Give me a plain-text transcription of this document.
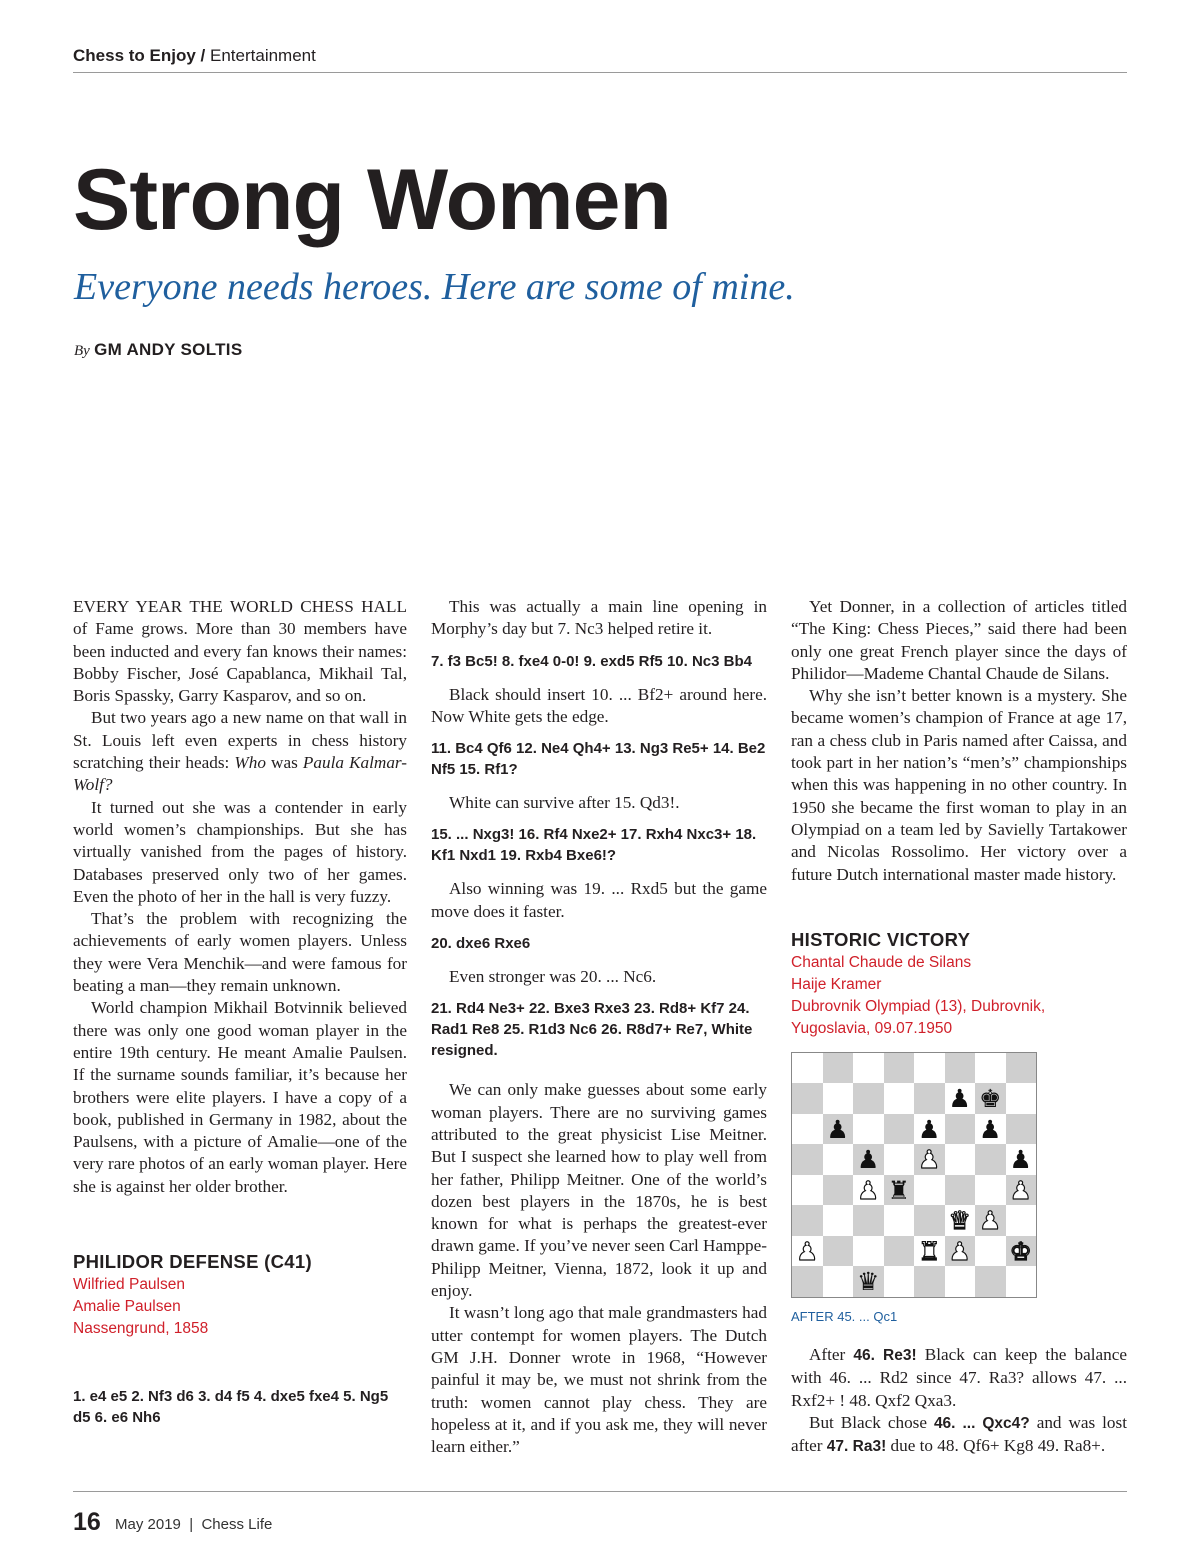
Chess to Enjoy / Entertainment
Strong Women

Everyone needs heroes. Here are some of mine.

By GM ANDY SOLTIS

EVERY YEAR THE WORLD CHESS HALL of Fame grows. More than 30 members have been inducted and every fan knows their names: Bobby Fischer, José Capablanca, Mikhail Tal, Boris Spassky, Garry Kasparov, and so on.

But two years ago a new name on that wall in St. Louis left even experts in chess history scratching their heads: Who was Paula Kalmar-Wolf?

It turned out she was a contender in early world women’s championships. But she has virtually vanished from the pages of history. Databases preserved only two of her games. Even the photo of her in the hall is very fuzzy.

That’s the problem with recognizing the achievements of early women players. Unless they were Vera Menchik—and were famous for beating a man—they remain unknown.

World champion Mikhail Botvinnik believed there was only one good woman player in the entire 19th century. He meant Amalie Paulsen. If the surname sounds familiar, it’s because her brothers were elite players. I have a copy of a book, published in Germany in 1982, about the Paulsens, with a picture of Amalie—one of the very rare photos of an early woman player. Here she is against her older brother.

PHILIDOR DEFENSE (C41)
Wilfried Paulsen
Amalie Paulsen
Nassengrund, 1858
1. e4 e5 2. Nf3 d6 3. d4 f5 4. dxe5 fxe4 5. Ng5 d5 6. e6 Nh6

This was actually a main line opening in Morphy’s day but 7. Nc3 helped retire it.

7. f3 Bc5! 8. fxe4 0-0! 9. exd5 Rf5 10. Nc3 Bb4

Black should insert 10. ... Bf2+ around here. Now White gets the edge.

11. Bc4 Qf6 12. Ne4 Qh4+ 13. Ng3 Re5+ 14. Be2 Nf5 15. Rf1?

White can survive after 15. Qd3!.

15. ... Nxg3! 16. Rf4 Nxe2+ 17. Rxh4 Nxc3+ 18. Kf1 Nxd1 19. Rxb4 Bxe6!?

Also winning was 19. ... Rxd5 but the game move does it faster.

20. dxe6 Rxe6

Even stronger was 20. ... Nc6.

21. Rd4 Ne3+ 22. Bxe3 Rxe3 23. Rd8+ Kf7 24. Rad1 Re8 25. R1d3 Nc6 26. R8d7+ Re7, White resigned.

We can only make guesses about some early woman players. There are no surviving games attributed to the great physicist Lise Meitner. But I suspect she learned how to play well from her father, Philipp Meitner. One of the world’s dozen best players in the 1870s, he is best known for what is perhaps the greatest-ever drawn game. If you’ve never seen Carl Hamppe-Philipp Meitner, Vienna, 1872, look it up and enjoy.

It wasn’t long ago that male grandmasters had utter contempt for women players. The Dutch GM J.H. Donner wrote in 1968, “However painful it may be, we must not shrink from the truth: women cannot play chess. They are hopeless at it, and if you ask me, they will never learn either.”

Yet Donner, in a collection of articles titled “The King: Chess Pieces,” said there had been only one great French player since the days of Philidor—Mademe Chantal Chaude de Silans.

Why she isn’t better known is a mystery. She became women’s champion of France at age 17, ran a chess club in Paris named after Caissa, and took part in her nation’s “men’s” championships when this was happening in no other country. In 1950 she became the first woman to play in an Olympiad on a team led by Savielly Tartakower and Nicolas Rossolimo. Her victory over a future Dutch international master made history.

HISTORIC VICTORY
Chantal Chaude de Silans
Haije Kramer
Dubrovnik Olympiad (13), Dubrovnik, Yugoslavia, 09.07.1950
♟ ♚
♟	♟ ♟
♟ ♟	♟
♟ ♜	♟
♛ ♟
♟	♜ ♟ ♚
♛
AFTER 45. ... Qc1

After 46. Re3! Black can keep the balance with 46. ... Rd2 since 47. Ra3? allows 47. ... Rxf2+ ! 48. Qxf2 Qxa3.

But Black chose 46. ... Qxc4? and was lost after 47. Ra3! due to 48. Qf6+ Kg8 49. Ra8+.

16 May 2019 | Chess Life
